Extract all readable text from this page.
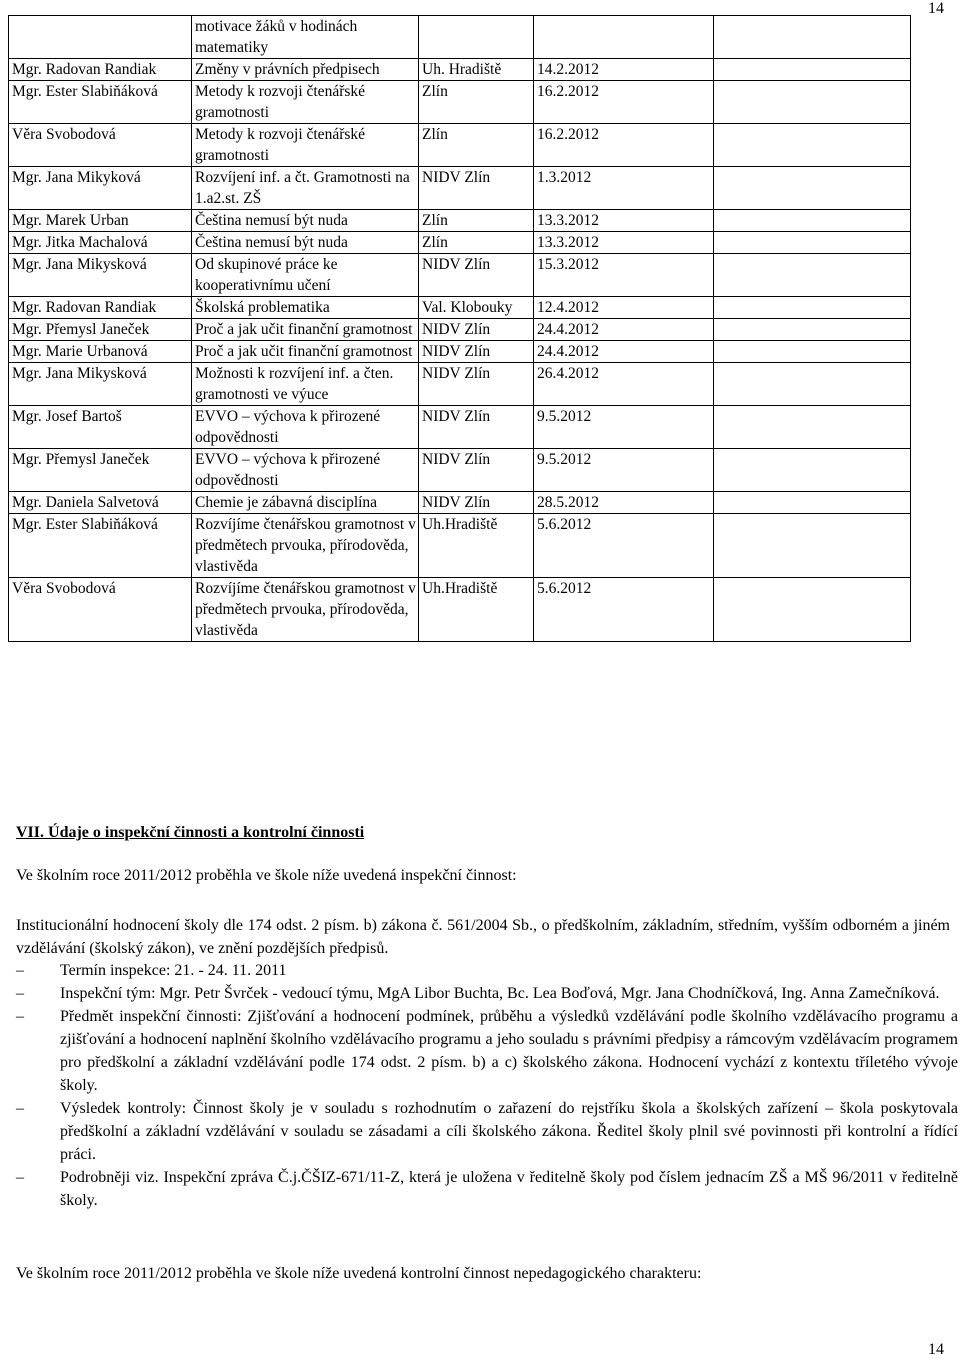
14
	motivace žáků v hodinách matematiky			
Mgr. Radovan Randiak	Změny v právních předpisech	Uh. Hradiště	14.2.2012	
Mgr. Ester Slabiňáková	Metody k rozvoji čtenářské gramotnosti	Zlín	16.2.2012	
Věra Svobodová	Metody k rozvoji čtenářské gramotnosti	Zlín	16.2.2012	
Mgr. Jana Mikyková	Rozvíjení inf. a čt. Gramotnosti na 1.a2.st. ZŠ	NIDV Zlín	1.3.2012	
Mgr. Marek Urban	Čeština nemusí být nuda	Zlín	13.3.2012	
Mgr. Jitka Machalová	Čeština nemusí být nuda	Zlín	13.3.2012	
Mgr. Jana Mikysková	Od skupinové práce ke kooperativnímu učení	NIDV Zlín	15.3.2012	
Mgr. Radovan Randiak	Školská problematika	Val. Klobouky	12.4.2012	
Mgr. Přemysl Janeček	Proč a jak učit finanční gramotnost	NIDV Zlín	24.4.2012	
Mgr. Marie Urbanová	Proč a jak učit finanční gramotnost	NIDV Zlín	24.4.2012	
Mgr. Jana Mikysková	Možnosti k rozvíjení inf. a čten. gramotnosti ve výuce	NIDV Zlín	26.4.2012	
Mgr. Josef Bartoš	EVVO – výchova k přirozené odpovědnosti	NIDV Zlín	9.5.2012	
Mgr. Přemysl Janeček	EVVO – výchova k přirozené odpovědnosti	NIDV Zlín	9.5.2012	
Mgr. Daniela Salvetová	Chemie je zábavná disciplína	NIDV Zlín	28.5.2012	
Mgr. Ester Slabiňáková	Rozvíjíme čtenářskou gramotnost v předmětech prvouka, přírodověda, vlastivěda	Uh.Hradiště	5.6.2012	
Věra Svobodová	Rozvíjíme čtenářskou gramotnost v předmětech prvouka, přírodověda, vlastivěda	Uh.Hradiště	5.6.2012	
VII. Údaje o inspekční činnosti a kontrolní činnosti
Ve školním roce 2011/2012 proběhla ve škole níže uvedená inspekční činnost:
Institucionální hodnocení školy dle 174 odst. 2 písm. b) zákona č. 561/2004 Sb., o předškolním, základním, středním, vyšším odborném a jiném vzdělávání (školský zákon), ve znění pozdějších předpisů.
– Termín inspekce: 21. - 24. 11. 2011
– Inspekční tým: Mgr. Petr Švrček - vedoucí týmu, MgA Libor Buchta, Bc. Lea Boďová, Mgr. Jana Chodníčková, Ing. Anna Zamečníková.
– Předmět inspekční činnosti: Zjišťování a hodnocení podmínek, průběhu a výsledků vzdělávání podle školního vzdělávacího programu a zjišťování a hodnocení naplnění školního vzdělávacího programu a jeho souladu s právními předpisy a rámcovým vzdělávacím programem pro předškolní a základní vzdělávání podle 174 odst. 2 písm. b) a c) školského zákona. Hodnocení vychází z kontextu tříletého vývoje školy.
– Výsledek kontroly: Činnost školy je v souladu s rozhodnutím o zařazení do rejstříku škola a školských zařízení – škola poskytovala předškolní a základní vzdělávání v souladu se zásadami a cíli školského zákona. Ředitel školy plnil své povinnosti při kontrolní a řídící práci.
– Podrobněji viz. Inspekční zpráva Č.j.ČŠIZ-671/11-Z, která je uložena v ředitelně školy pod číslem jednacím ZŠ a MŠ 96/2011 v ředitelně školy.
Ve školním roce 2011/2012 proběhla ve škole níže uvedená kontrolní činnost nepedagogického charakteru:
14
